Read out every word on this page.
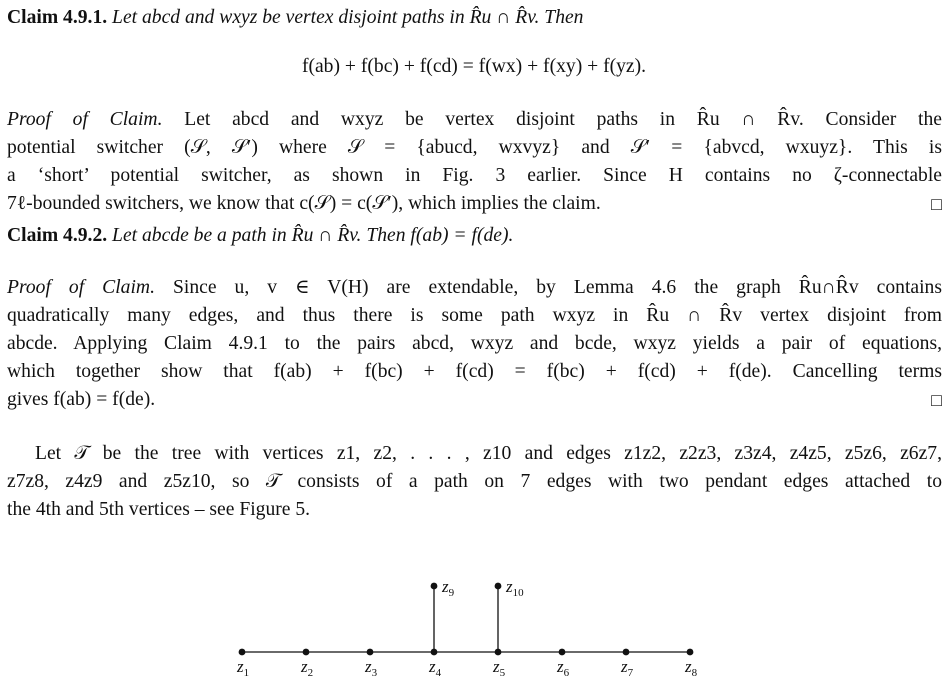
Claim 4.9.1. Let abcd and wxyz be vertex disjoint paths in R̂u ∩ R̂v. Then
f(ab) + f(bc) + f(cd) = f(wx) + f(xy) + f(yz).
Proof of Claim. Let abcd and wxyz be vertex disjoint paths in R̂u ∩ R̂v. Consider the
potential switcher (𝒮, 𝒮′) where 𝒮 = {abucd, wxvyz} and 𝒮′ = {abvcd, wxuyz}. This is
a ‘short’ potential switcher, as shown in Fig. 3 earlier. Since H contains no ζ-connectable
7ℓ-bounded switchers, we know that c(𝒮) = c(𝒮′), which implies the claim.	□
Claim 4.9.2. Let abcde be a path in R̂u ∩ R̂v. Then f(ab) = f(de).
Proof of Claim. Since u, v ∈ V(H) are extendable, by Lemma 4.6 the graph R̂u∩R̂v contains
quadratically many edges, and thus there is some path wxyz in R̂u ∩ R̂v vertex disjoint from
abcde. Applying Claim 4.9.1 to the pairs abcd, wxyz and bcde, wxyz yields a pair of equations,
which together show that f(ab) + f(bc) + f(cd) = f(bc) + f(cd) + f(de). Cancelling terms
gives f(ab) = f(de).	□
Let 𝒯 be the tree with vertices z1, z2, . . . , z10 and edges z1z2, z2z3, z3z4, z4z5, z5z6, z6z7,
z7z8, z4z9 and z5z10, so 𝒯 consists of a path on 7 edges with two pendant edges attached to
the 4th and 5th vertices – see Figure 5.
$z_1$	$z_2$	$z_3$	$z_4$	$z_5$	$z_6$	$z_7$	$z_8$
$z_9$	$z_{10}$
